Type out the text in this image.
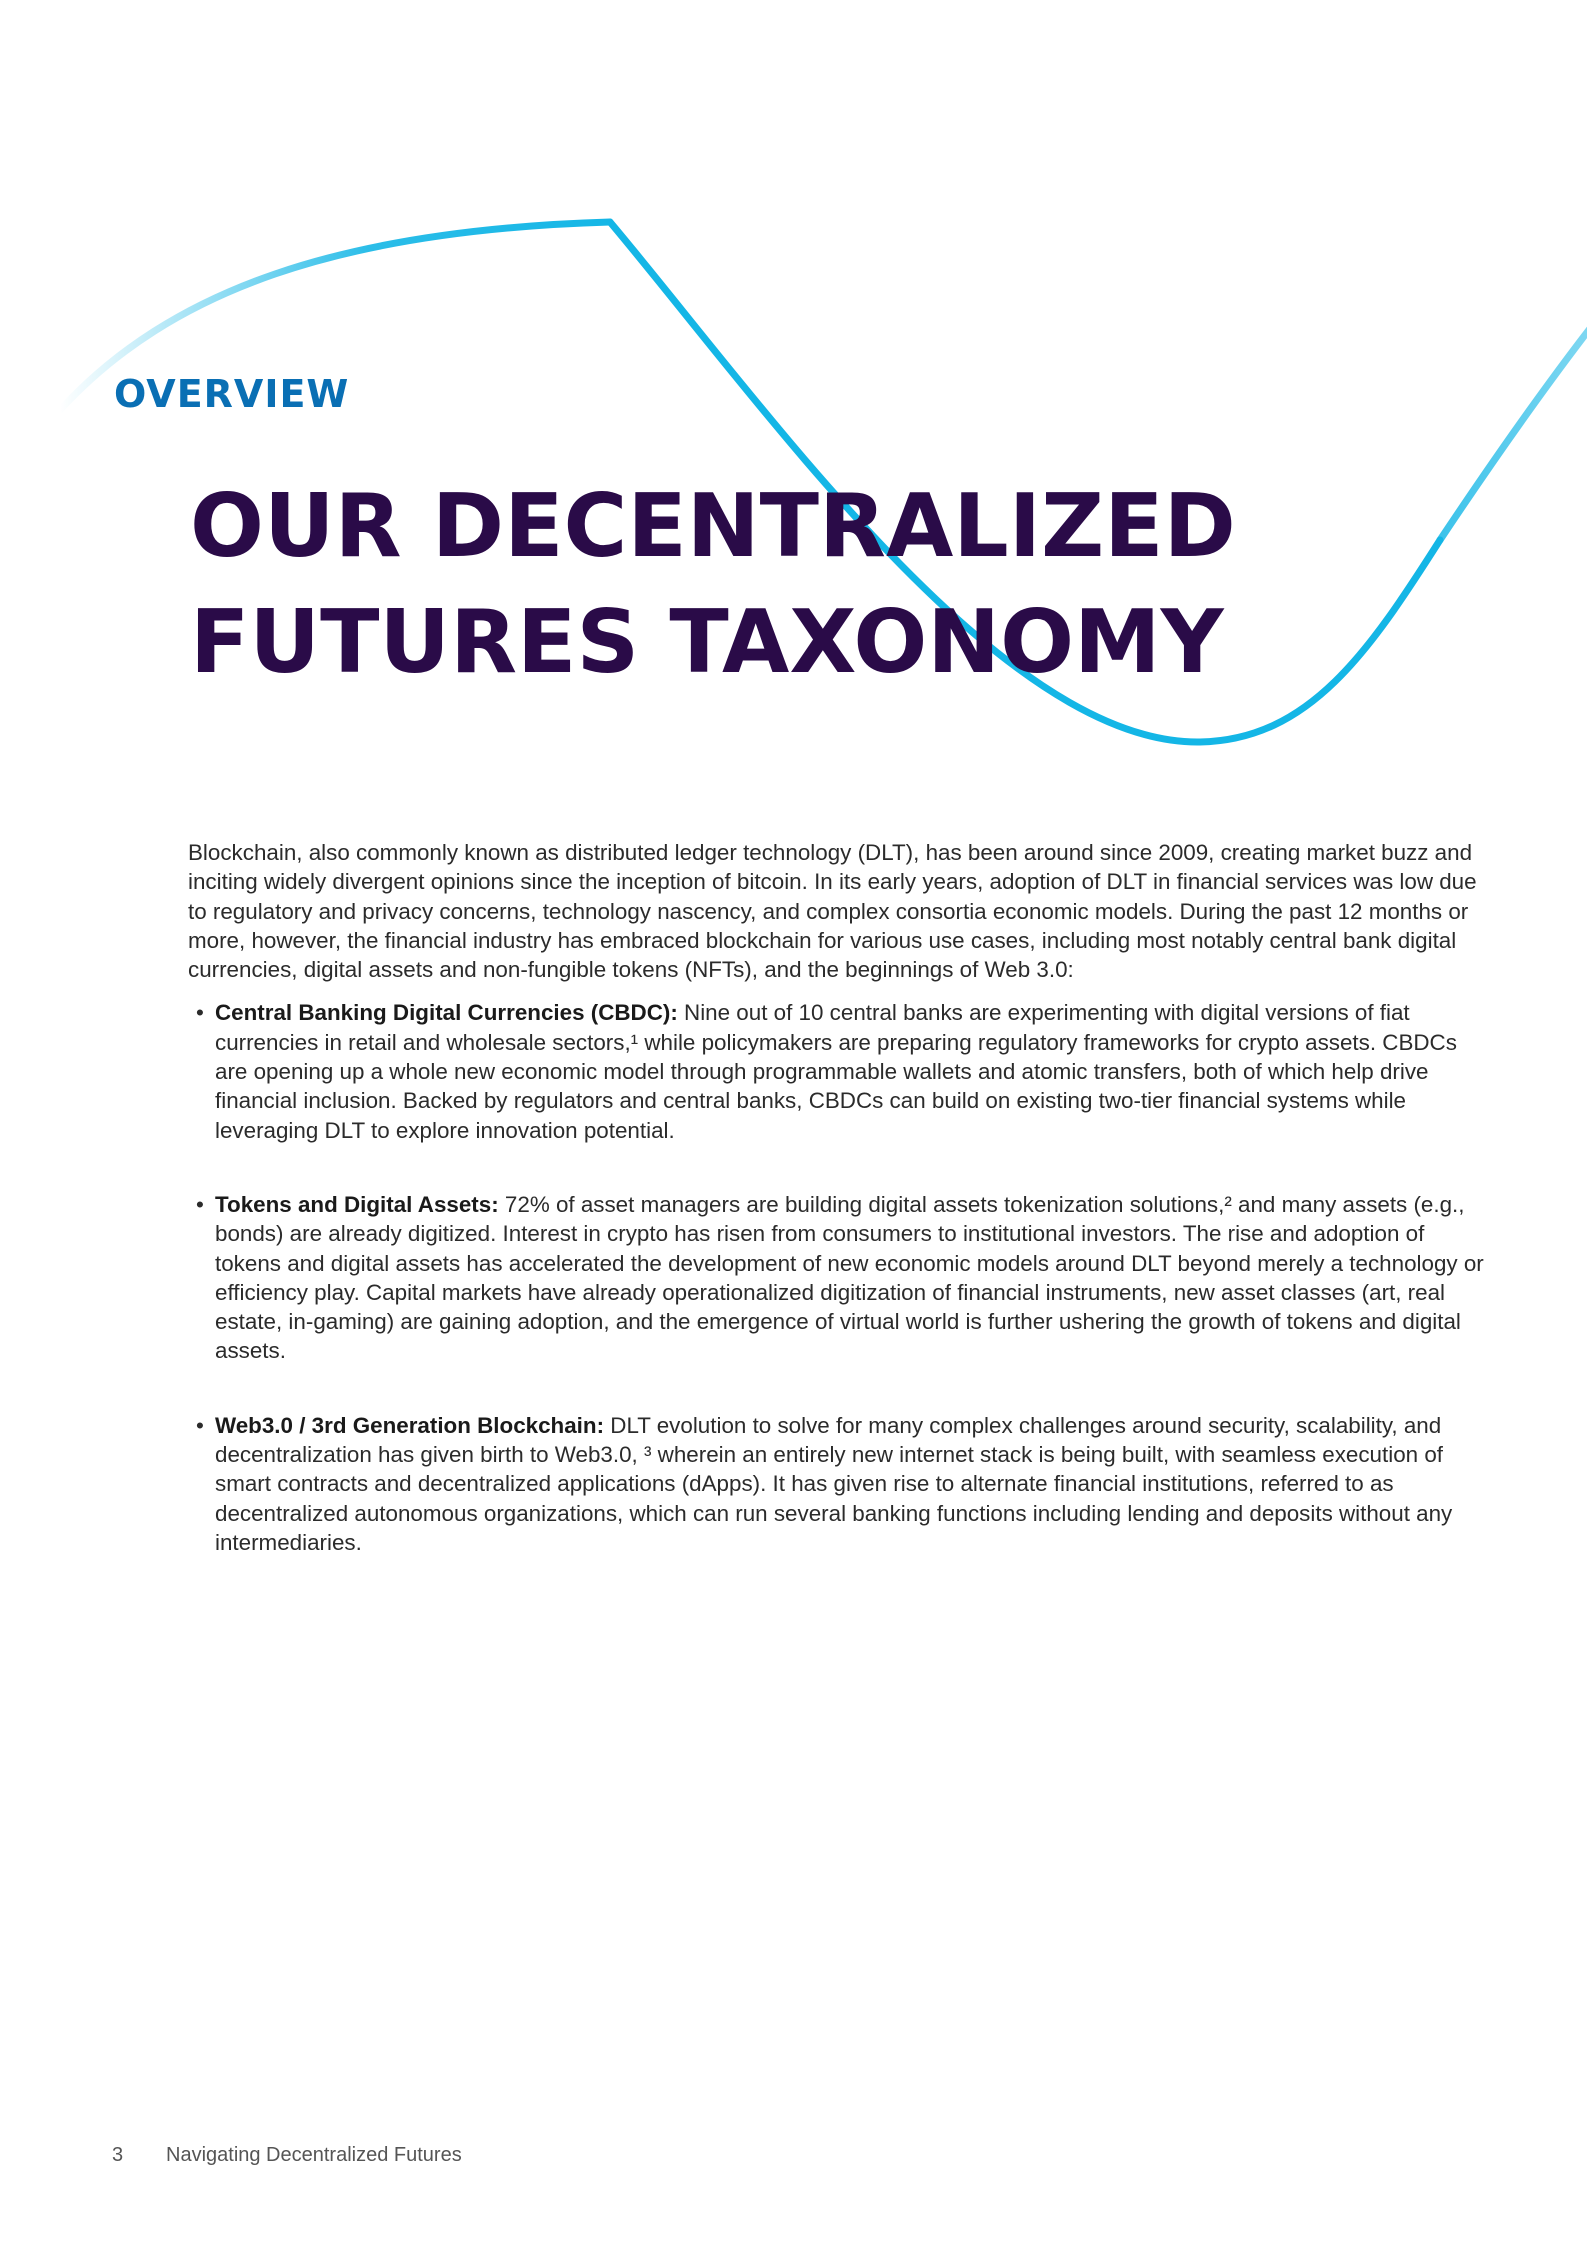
OVERVIEW
OUR DECENTRALIZED
FUTURES TAXONOMY

Blockchain, also commonly known as distributed ledger technology (DLT), has been around since 2009, creating market buzz and inciting widely divergent opinions since the inception of bitcoin. In its early years, adoption of DLT in financial services was low due to regulatory and privacy concerns, technology nascency, and complex consortia economic models. During the past 12 months or more, however, the financial industry has embraced blockchain for various use cases, including most notably central bank digital currencies, digital assets and non-fungible tokens (NFTs), and the beginnings of Web 3.0:

• Central Banking Digital Currencies (CBDC): Nine out of 10 central banks are experimenting with digital versions of fiat currencies in retail and wholesale sectors,¹ while policymakers are preparing regulatory frameworks for crypto assets. CBDCs are opening up a whole new economic model through programmable wallets and atomic transfers, both of which help drive financial inclusion. Backed by regulators and central banks, CBDCs can build on existing two-tier financial systems while leveraging DLT to explore innovation potential.
• Tokens and Digital Assets: 72% of asset managers are building digital assets tokenization solutions,² and many assets (e.g., bonds) are already digitized. Interest in crypto has risen from consumers to institutional investors. The rise and adoption of tokens and digital assets has accelerated the development of new economic models around DLT beyond merely a technology or efficiency play. Capital markets have already operationalized digitization of financial instruments, new asset classes (art, real estate, in-gaming) are gaining adoption, and the emergence of virtual world is further ushering the growth of tokens and digital assets.
• Web3.0 / 3rd Generation Blockchain: DLT evolution to solve for many complex challenges around security, scalability, and decentralization has given birth to Web3.0, ³ wherein an entirely new internet stack is being built, with seamless execution of smart contracts and decentralized applications (dApps). It has given rise to alternate financial institutions, referred to as decentralized autonomous organizations, which can run several banking functions including lending and deposits without any intermediaries.
3 Navigating Decentralized Futures
